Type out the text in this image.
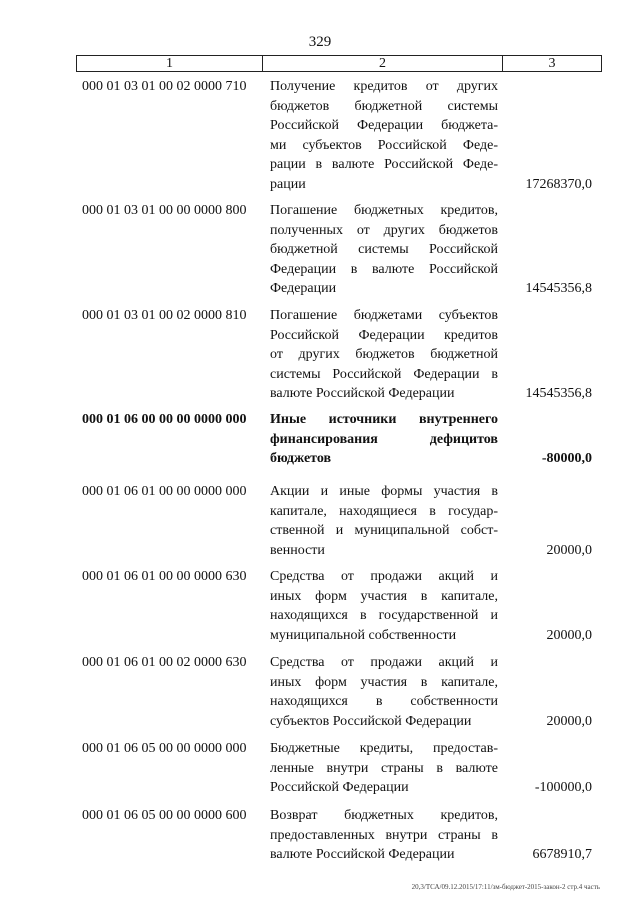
329
1	2	3
000 01 03 01 00 02 0000 710 Получение кредитов от других
бюджетов бюджетной системы
Российской Федерации бюджета-
ми субъектов Российской Феде-
рации в валюте Российской Феде-
рации	17268370,0
000 01 03 01 00 00 0000 800 Погашение бюджетных кредитов,
полученных от других бюджетов
бюджетной системы Российской
Федерации в валюте Российской
Федерации	14545356,8
000 01 03 01 00 02 0000 810 Погашение бюджетами субъектов
Российской Федерации кредитов
от других бюджетов бюджетной
системы Российской Федерации в
валюте Российской Федерации	14545356,8
000 01 06 00 00 00 0000 000 Иные источники внутреннего
финансирования дефицитов
бюджетов	-80000,0
000 01 06 01 00 00 0000 000 Акции и иные формы участия в
капитале, находящиеся в государ-
ственной и муниципальной собст-
венности	20000,0
000 01 06 01 00 00 0000 630 Средства от продажи акций и
иных форм участия в капитале,
находящихся в государственной и
муниципальной собственности	20000,0
000 01 06 01 00 02 0000 630 Средства от продажи акций и
иных форм участия в капитале,
находящихся в собственности
субъектов Российской Федерации	20000,0
000 01 06 05 00 00 0000 000 Бюджетные кредиты, предостав-
ленные внутри страны в валюте
Российской Федерации	-100000,0
000 01 06 05 00 00 0000 600 Возврат бюджетных кредитов,
предоставленных внутри страны в
валюте Российской Федерации	6678910,7
20,3/ТСА/09.12.2015/17:11/зм-бюджет-2015-закон-2 стр.4 часть
